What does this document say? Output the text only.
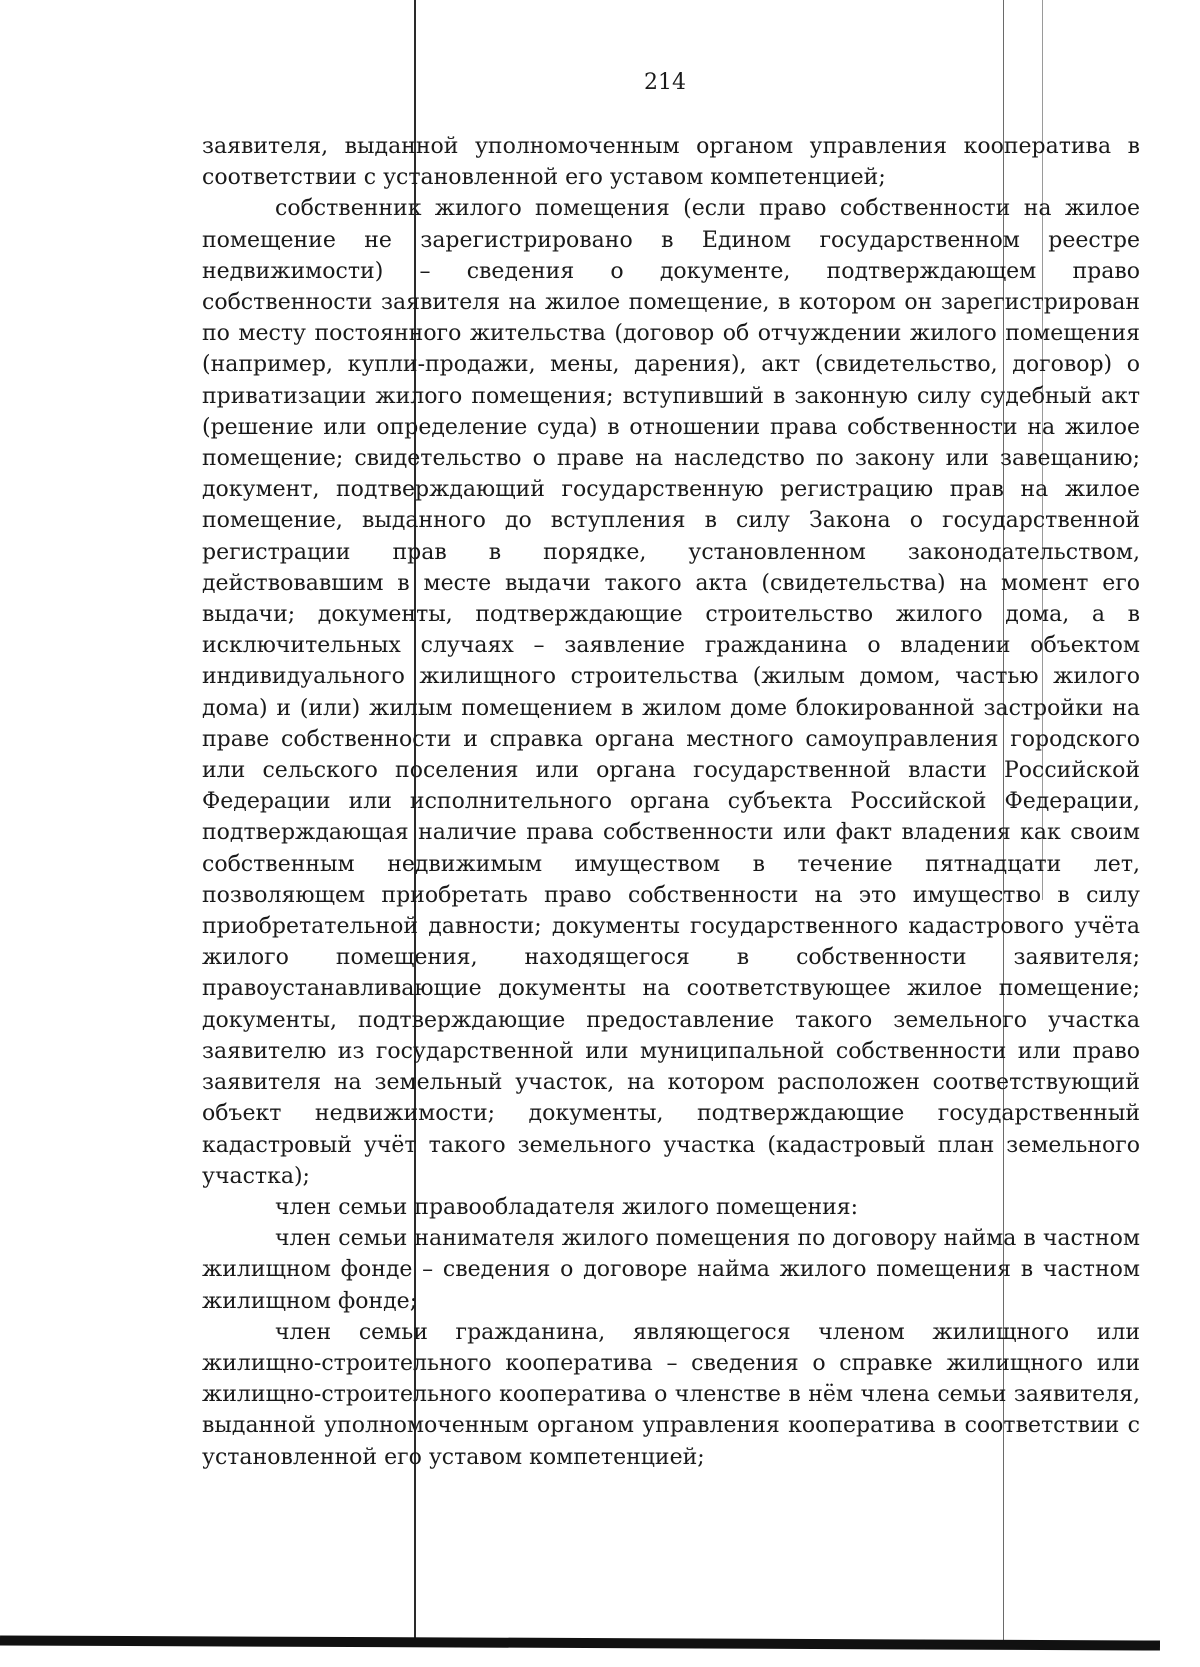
214

заявителя, выданной уполномоченным органом управления кооператива в соответствии с установленной его уставом компетенцией;

собственник жилого помещения (если право собственности на жилое помещение не зарегистрировано в Едином государственном реестре недвижимости) – сведения о документе, подтверждающем право собственности заявителя на жилое помещение, в котором он зарегистрирован по месту постоянного жительства (договор об отчуждении жилого помещения (например, купли-продажи, мены, дарения), акт (свидетельство, договор) о приватизации жилого помещения; вступивший в законную силу судебный акт (решение или определение суда) в отношении права собственности на жилое помещение; свидетельство о праве на наследство по закону или завещанию; документ, подтверждающий государственную регистрацию прав на жилое помещение, выданного до вступления в силу Закона о государственной регистрации прав в порядке, установленном законодательством, действовавшим в месте выдачи такого акта (свидетельства) на момент его выдачи; документы, подтверждающие строительство жилого дома, а в исключительных случаях – заявление гражданина о владении объектом индивидуального жилищного строительства (жилым домом, частью жилого дома) и (или) жилым помещением в жилом доме блокированной застройки на праве собственности и справка органа местного самоуправления городского или сельского поселения или органа государственной власти Российской Федерации или исполнительного органа субъекта Российской Федерации, подтверждающая наличие права собственности или факт владения как своим собственным недвижимым имуществом в течение пятнадцати лет, позволяющем приобретать право собственности на это имущество в силу приобретательной давности; документы государственного кадастрового учёта жилого помещения, находящегося в собственности заявителя; правоустанавливающие документы на соответствующее жилое помещение; документы, подтверждающие предоставление такого земельного участка заявителю из государственной или муниципальной собственности или право заявителя на земельный участок, на котором расположен соответствующий объект недвижимости; документы, подтверждающие государственный кадастровый учёт такого земельного участка (кадастровый план земельного участка);

член семьи правообладателя жилого помещения:

член семьи нанимателя жилого помещения по договору найма в частном жилищном фонде – сведения о договоре найма жилого помещения в частном жилищном фонде;

член семьи гражданина, являющегося членом жилищного или жилищно-строительного кооператива – сведения о справке жилищного или жилищно-строительного кооператива о членстве в нём члена семьи заявителя, выданной уполномоченным органом управления кооператива в соответствии с установленной его уставом компетенцией;
